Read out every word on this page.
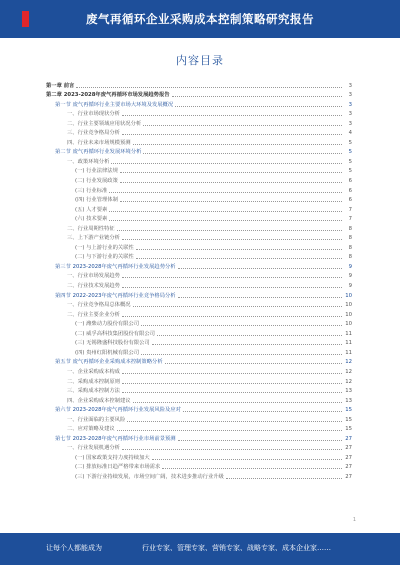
废气再循环企业采购成本控制策略研究报告
内容目录
第一章 前言	3
第二章 2023-2028年废气再循环市场发展趋势报告	3
第一节 废气再循环行业主要市场大环境及发展概况	3
一、行业市场现状分析	3
二、行业主要领域应用状况分析	3
三、行业竞争格局分析	4
四、行业未来市场规模预测	5
第二节 废气再循环行业发展环境分析	5
一、政策环境分析	5
(一) 行业法律法规	5
(二) 行业发展政策	6
(三) 行业标准	6
(四) 行业管理体制	6
(五) 人才要素	7
(六) 技术要素	7
二、行业周期性特征	8
三、上下游产业链分析	8
(一) 与上游行业的关联性	8
(二) 与下游行业的关联性	8
第三节 2023-2028年废气再循环行业发展趋势分析	9
一、行业市场发展趋势	9
二、行业技术发展趋势	9
第四节 2022-2023年废气再循环行业竞争格局分析	10
一、行业竞争格局总体概况	10
二、行业主要企业分析	10
(一) 潍柴动力股份有限公司	10
(二) 威孚高科技集团股份有限公司	11
(三) 无锡隆盛科技股份有限公司	11
(四) 贵州红阳机械有限公司	11
第五节 废气再循环企业采购成本控制策略分析	12
一、企业采购成本构成	12
二、采购成本控制原则	12
三、采购成本控制方法	13
四、企业采购成本控制建议	13
第六节 2023-2028年废气再循环行业发展风险及应对	15
一、行业面临的主要风险	15
二、应对策略及建议	15
第七节 2023-2028年废气再循环行业市场前景预测	27
一、行业发展机遇分析	27
(一) 国家政策支持力度持续加大	27
(二) 排放标准日趋严格带来市场需求	27
(三) 下游行业持续发展，市场空间广阔，技术进步推动行业升级	27
1
让每个人都能成为	行业专家、管理专家、营销专家、战略专家、成本企业家……
